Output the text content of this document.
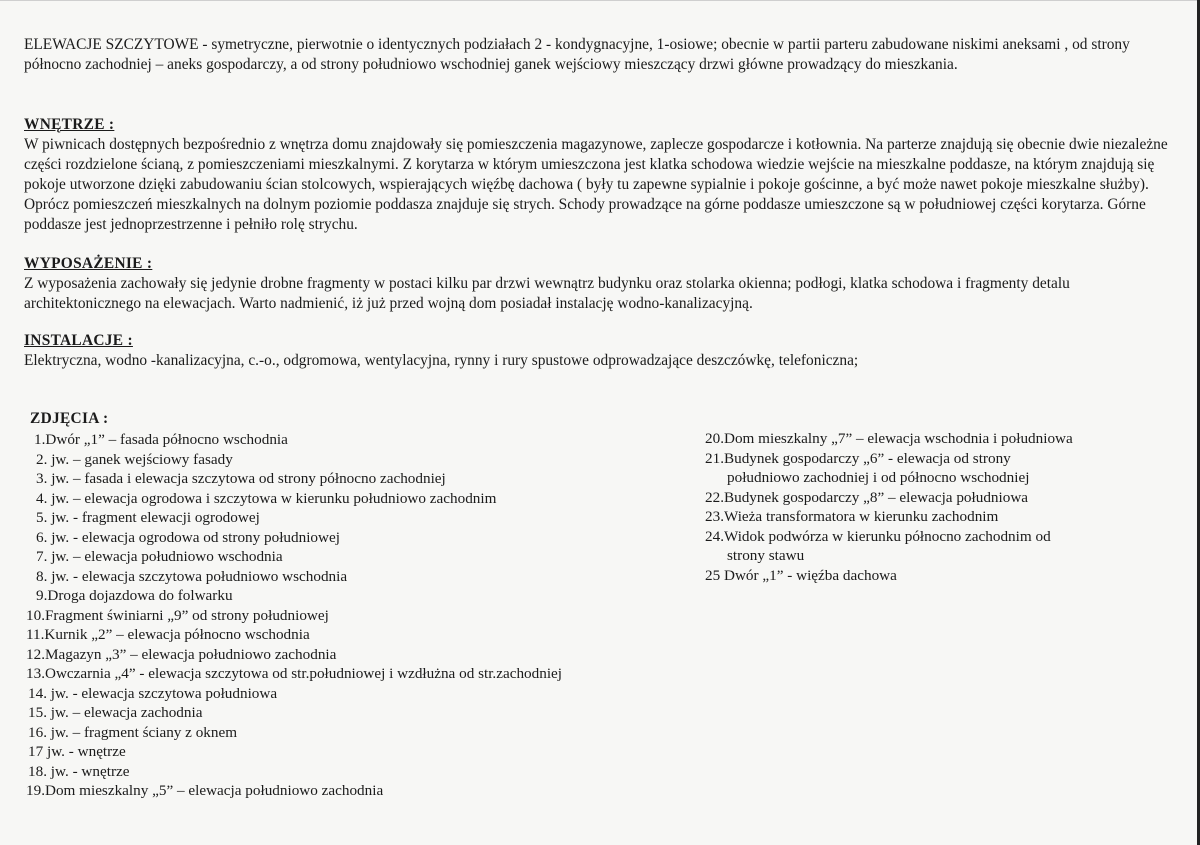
ELEWACJE SZCZYTOWE - symetryczne, pierwotnie o identycznych podziałach 2 - kondygnacyjne, 1-osiowe; obecnie w partii parteru zabudowane niskimi aneksami , od strony północno zachodniej – aneks gospodarczy, a od strony południowo wschodniej ganek wejściowy mieszczący drzwi główne prowadzący do mieszkania.

WNĘTRZE :

W piwnicach dostępnych bezpośrednio z wnętrza domu znajdowały się pomieszczenia magazynowe, zaplecze gospodarcze i kotłownia. Na parterze znajdują się obecnie dwie niezależne części rozdzielone ścianą, z pomieszczeniami mieszkalnymi. Z korytarza w którym umieszczona jest klatka schodowa wiedzie wejście na mieszkalne poddasze, na którym znajdują się pokoje utworzone dzięki zabudowaniu ścian stolcowych, wspierających więźbę dachowa ( były tu zapewne sypialnie i pokoje gościnne, a być może nawet pokoje mieszkalne służby). Oprócz pomieszczeń mieszkalnych na dolnym poziomie poddasza znajduje się strych. Schody prowadzące na górne poddasze umieszczone są w południowej części korytarza. Górne poddasze jest jednoprzestrzenne i pełniło rolę strychu.

WYPOSAŻENIE :

Z wyposażenia zachowały się jedynie drobne fragmenty w postaci kilku par drzwi wewnątrz budynku oraz stolarka okienna; podłogi, klatka schodowa i fragmenty detalu architektonicznego na elewacjach. Warto nadmienić, iż już przed wojną dom posiadał instalację wodno-kanalizacyjną.

INSTALACJE :

Elektryczna, wodno -kanalizacyjna, c.-o., odgromowa, wentylacyjna, rynny i rury spustowe odprowadzające deszczówkę, telefoniczna;

ZDJĘCIA :
1.Dwór „1” – fasada północno wschodnia
2. jw. – ganek wejściowy fasady
3. jw. – fasada i elewacja szczytowa od strony północno zachodniej
4. jw. – elewacja ogrodowa i szczytowa w kierunku południowo zachodnim
5. jw. - fragment elewacji ogrodowej
6. jw. - elewacja ogrodowa od strony południowej
7. jw. – elewacja południowo wschodnia
8. jw. - elewacja szczytowa południowo wschodnia
9.Droga dojazdowa do folwarku
10.Fragment świniarni „9” od strony południowej
11.Kurnik „2” – elewacja północno wschodnia
12.Magazyn „3” – elewacja południowo zachodnia
13.Owczarnia „4” - elewacja szczytowa od str.południowej i wzdłużna od str.zachodniej
14. jw. - elewacja szczytowa południowa
15. jw. – elewacja zachodnia
16. jw. – fragment ściany z oknem
17 jw. - wnętrze
18. jw. - wnętrze
19.Dom mieszkalny „5” – elewacja południowo zachodnia
20.Dom mieszkalny „7” – elewacja wschodnia i południowa
21.Budynek gospodarczy „6” - elewacja od strony
południowo zachodniej i od północno wschodniej
22.Budynek gospodarczy „8” – elewacja południowa
23.Wieża transformatora w kierunku zachodnim
24.Widok podwórza w kierunku północno zachodnim od
strony stawu
25 Dwór „1” - więźba dachowa
